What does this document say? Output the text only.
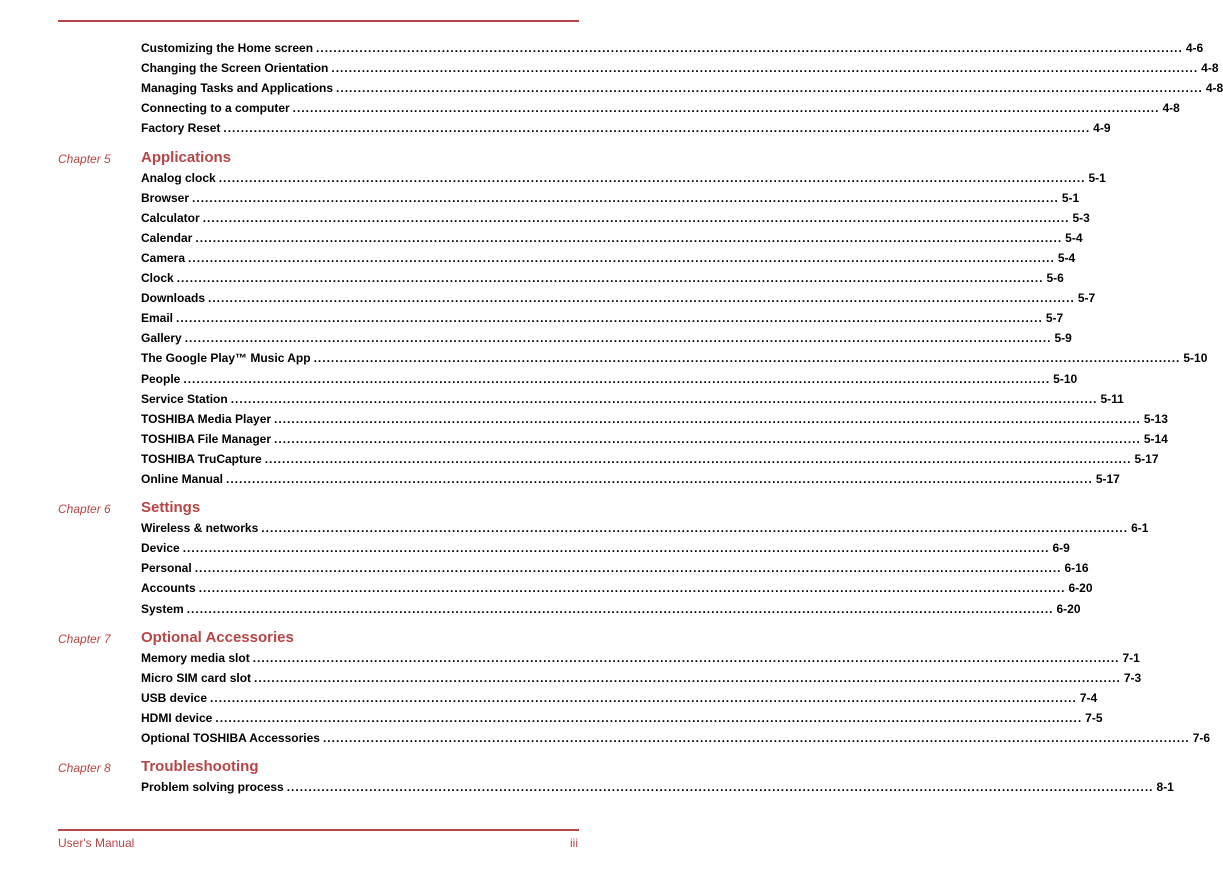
Customizing the Home screen ........................................................................................................................................................................................................ 4-6
Changing the Screen Orientation ........................................................................................................................................................................................................ 4-8
Managing Tasks and Applications ........................................................................................................................................................................................................ 4-8
Connecting to a computer ........................................................................................................................................................................................................ 4-8
Factory Reset ........................................................................................................................................................................................................ 4-9
Chapter 5	Applications
Analog clock ........................................................................................................................................................................................................ 5-1
Browser ........................................................................................................................................................................................................ 5-1
Calculator ........................................................................................................................................................................................................ 5-3
Calendar ........................................................................................................................................................................................................ 5-4
Camera ........................................................................................................................................................................................................ 5-4
Clock ........................................................................................................................................................................................................ 5-6
Downloads ........................................................................................................................................................................................................ 5-7
Email ........................................................................................................................................................................................................ 5-7
Gallery ........................................................................................................................................................................................................ 5-9
The Google Play™ Music App ........................................................................................................................................................................................................ 5-10
People ........................................................................................................................................................................................................ 5-10
Service Station ........................................................................................................................................................................................................ 5-11
TOSHIBA Media Player ........................................................................................................................................................................................................ 5-13
TOSHIBA File Manager ........................................................................................................................................................................................................ 5-14
TOSHIBA TruCapture ........................................................................................................................................................................................................ 5-17
Online Manual ........................................................................................................................................................................................................ 5-17
Chapter 6	Settings
Wireless & networks ........................................................................................................................................................................................................ 6-1
Device ........................................................................................................................................................................................................ 6-9
Personal ........................................................................................................................................................................................................ 6-16
Accounts ........................................................................................................................................................................................................ 6-20
System ........................................................................................................................................................................................................ 6-20
Chapter 7	Optional Accessories
Memory media slot ........................................................................................................................................................................................................ 7-1
Micro SIM card slot ........................................................................................................................................................................................................ 7-3
USB device ........................................................................................................................................................................................................ 7-4
HDMI device ........................................................................................................................................................................................................ 7-5
Optional TOSHIBA Accessories ........................................................................................................................................................................................................ 7-6
Chapter 8	Troubleshooting
Problem solving process ........................................................................................................................................................................................................ 8-1
User's Manual	iii
